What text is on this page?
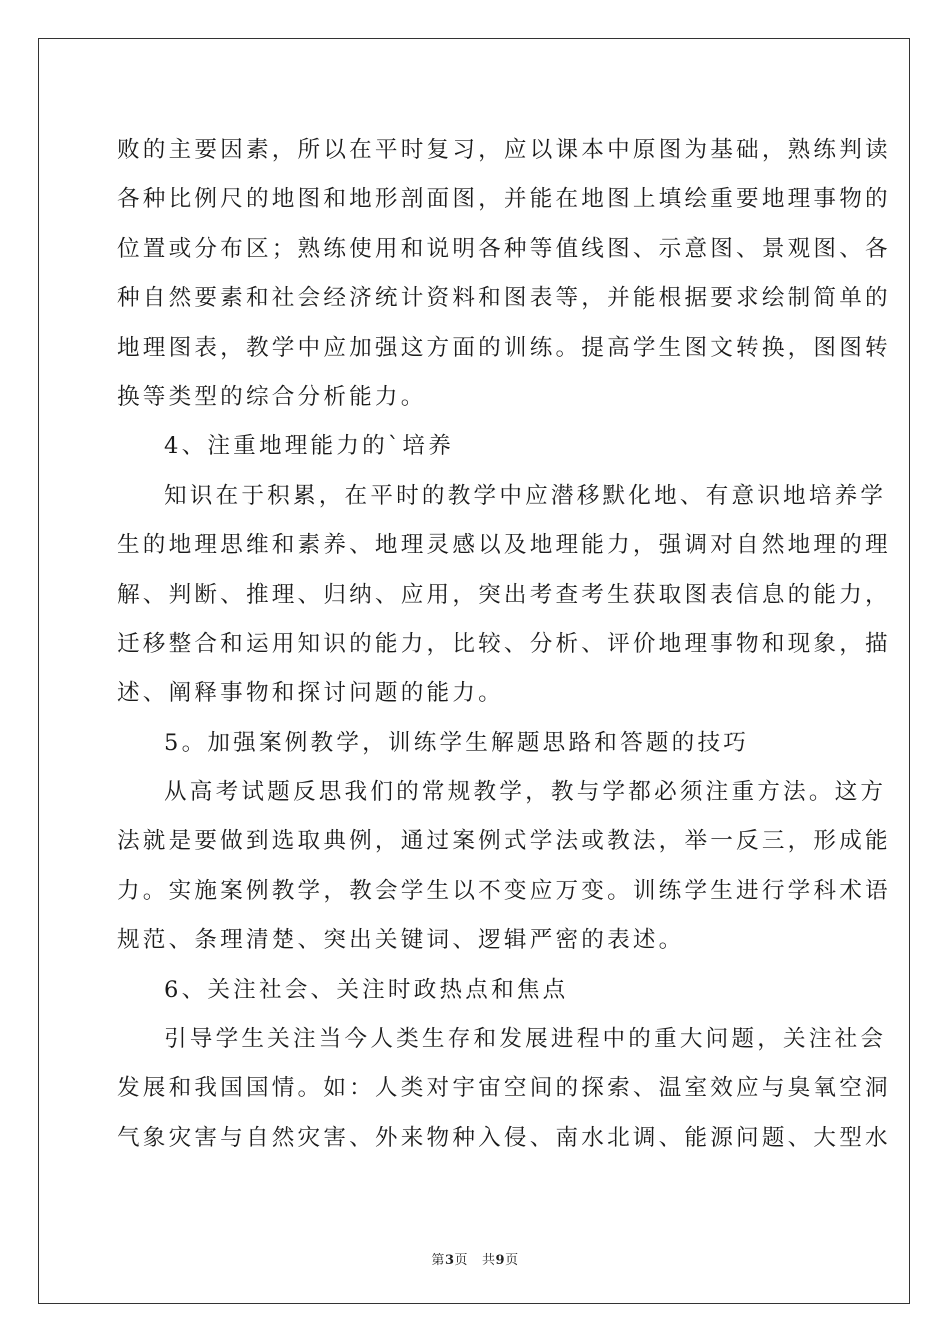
败的主要因素，所以在平时复习，应以课本中原图为基础，熟练判读
各种比例尺的地图和地形剖面图，并能在地图上填绘重要地理事物的
位置或分布区；熟练使用和说明各种等值线图、示意图、景观图、各
种自然要素和社会经济统计资料和图表等，并能根据要求绘制简单的
地理图表，教学中应加强这方面的训练。提高学生图文转换，图图转
换等类型的综合分析能力。
4、注重地理能力的`培养
知识在于积累，在平时的教学中应潜移默化地、有意识地培养学
生的地理思维和素养、地理灵感以及地理能力，强调对自然地理的理
解、判断、推理、归纳、应用，突出考查考生获取图表信息的能力，
迁移整合和运用知识的能力，比较、分析、评价地理事物和现象，描
述、阐释事物和探讨问题的能力。
5。加强案例教学，训练学生解题思路和答题的技巧
从高考试题反思我们的常规教学，教与学都必须注重方法。这方
法就是要做到选取典例，通过案例式学法或教法，举一反三，形成能
力。实施案例教学，教会学生以不变应万变。训练学生进行学科术语
规范、条理清楚、突出关键词、逻辑严密的表述。
6、关注社会、关注时政热点和焦点
引导学生关注当今人类生存和发展进程中的重大问题，关注社会
发展和我国国情。如：人类对宇宙空间的探索、温室效应与臭氧空洞
气象灾害与自然灾害、外来物种入侵、南水北调、能源问题、大型水
第3页 共9页
